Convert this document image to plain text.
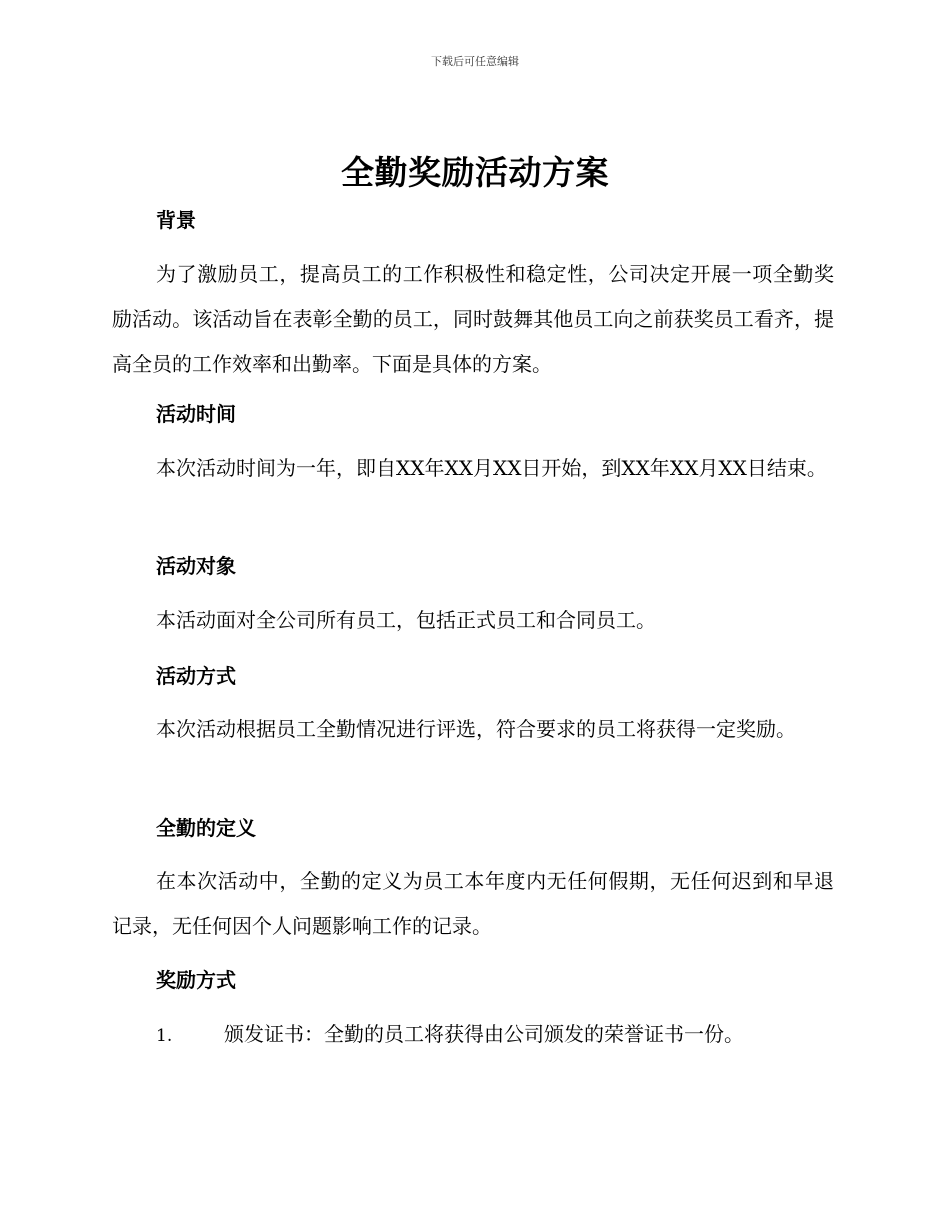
下载后可任意编辑
全勤奖励活动方案
背景

为了激励员工，提高员工的工作积极性和稳定性，公司决定开展一项全勤奖励活动。该活动旨在表彰全勤的员工，同时鼓舞其他员工向之前获奖员工看齐，提高全员的工作效率和出勤率。下面是具体的方案。

活动时间

本次活动时间为一年，即自XX年XX月XX日开始，到XX年XX月XX日结束。

活动对象

本活动面对全公司所有员工，包括正式员工和合同员工。

活动方式

本次活动根据员工全勤情况进行评选，符合要求的员工将获得一定奖励。

全勤的定义

在本次活动中，全勤的定义为员工本年度内无任何假期，无任何迟到和早退记录，无任何因个人问题影响工作的记录。

奖励方式
1.	颁发证书：全勤的员工将获得由公司颁发的荣誉证书一份。
